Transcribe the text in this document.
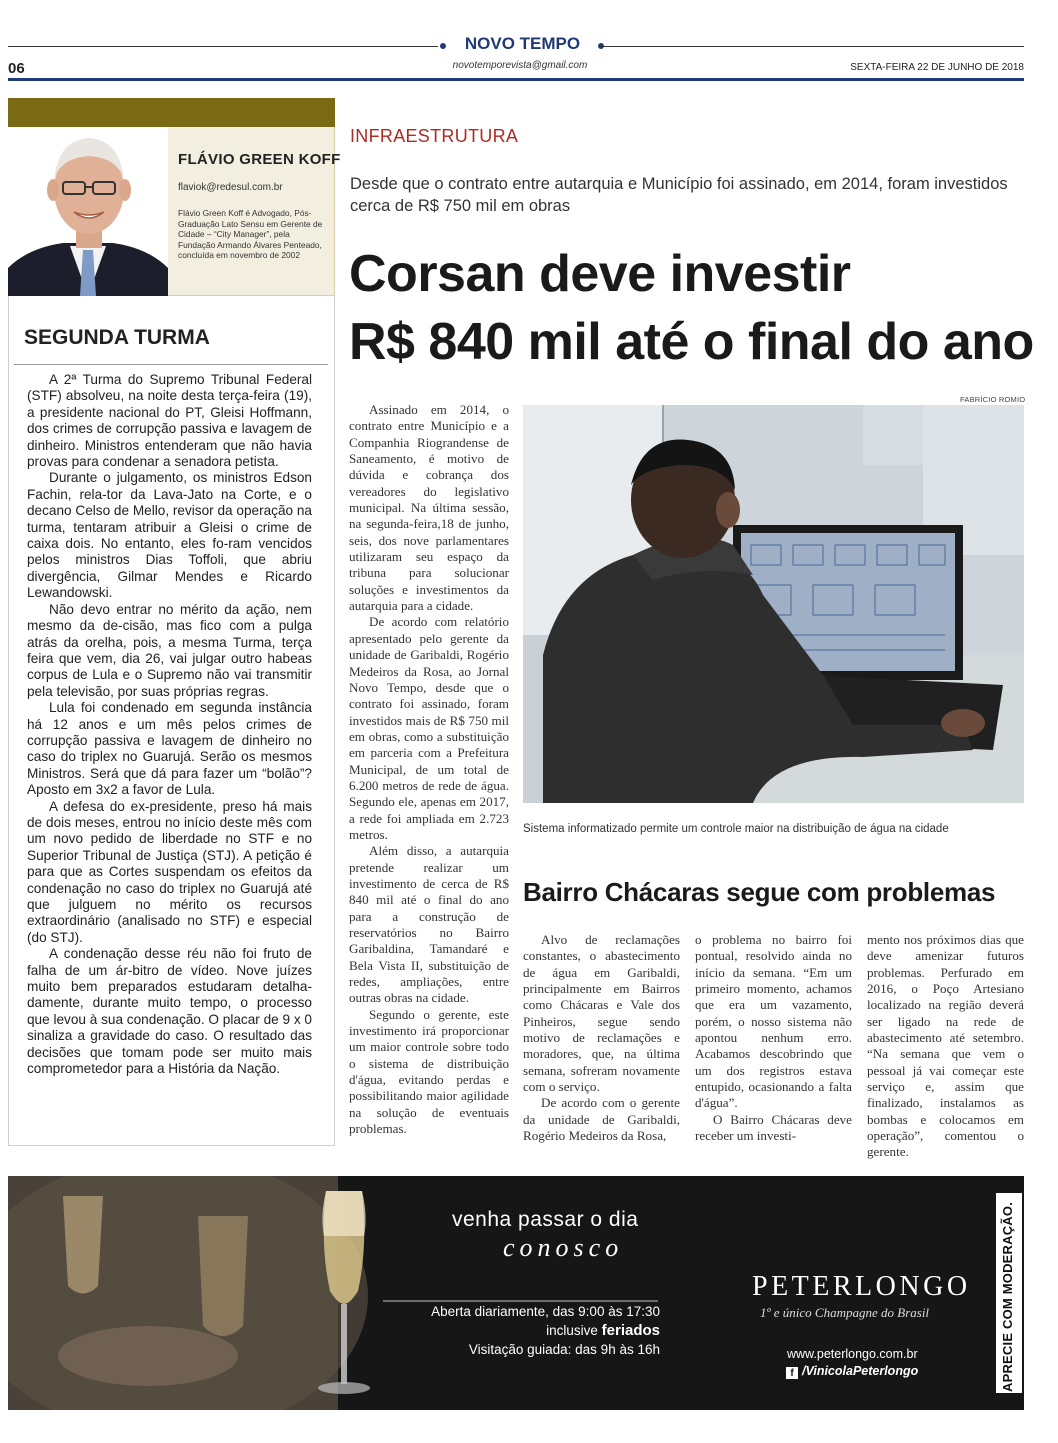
NOVO TEMPO
06	novotemporevista@gmail.com	SEXTA-FEIRA 22 DE JUNHO DE 2018
FLÁVIO GREEN KOFF
flaviok@redesul.com.br
Flávio Green Koff é Advogado, Pós-Graduação Lato Sensu em Gerente de Cidade – “City Manager”, pela Fundação Armando Álvares Penteado, concluída em novembro de 2002
SEGUNDA TURMA

A 2ª Turma do Supremo Tribunal Federal (STF) absolveu, na noite desta terça-feira (19), a presidente nacional do PT, Gleisi Hoffmann, dos crimes de corrupção passiva e lavagem de dinheiro. Ministros entenderam que não havia provas para condenar a senadora petista.

Durante o julgamento, os ministros Edson Fachin, rela-tor da Lava-Jato na Corte, e o decano Celso de Mello, revisor da operação na turma, tentaram atribuir a Gleisi o crime de caixa dois. No entanto, eles fo-ram vencidos pelos ministros Dias Toffoli, que abriu divergência, Gilmar Mendes e Ricardo Lewandowski.

Não devo entrar no mérito da ação, nem mesmo da de-cisão, mas fico com a pulga atrás da orelha, pois, a mesma Turma, terça feira que vem, dia 26, vai julgar outro habeas corpus de Lula e o Supremo não vai transmitir pela televisão, por suas próprias regras.

Lula foi condenado em segunda instância há 12 anos e um mês pelos crimes de corrupção passiva e lavagem de dinheiro no caso do triplex no Guarujá. Serão os mesmos Ministros. Será que dá para fazer um “bolão”? Aposto em 3x2 a favor de Lula.

A defesa do ex-presidente, preso há mais de dois meses, entrou no início deste mês com um novo pedido de liberdade no STF e no Superior Tribunal de Justiça (STJ). A petição é para que as Cortes suspendam os efeitos da condenação no caso do triplex no Guarujá até que julguem no mérito os recursos extraordinário (analisado no STF) e especial (do STJ).

A condenação desse réu não foi fruto de falha de um ár-bitro de vídeo. Nove juízes muito bem preparados estudaram detalha-damente, durante muito tempo, o processo que levou à sua condenação. O placar de 9 x 0 sinaliza a gravidade do caso. O resultado das decisões que tomam pode ser muito mais comprometedor para a História da Nação.

INFRAESTRUTURA
Desde que o contrato entre autarquia e Município foi assinado, em 2014, foram investidos cerca de R$ 750 mil em obras
Corsan deve investir
R$ 840 mil até o final do ano
FABRÍCIO ROMIO

Assinado em 2014, o contrato entre Município e a Companhia Riograndense de Saneamento, é motivo de dúvida e cobrança dos vereadores do legislativo municipal. Na última sessão, na segunda-feira,18 de junho, seis, dos nove parlamentares utilizaram seu espaço da tribuna para solucionar soluções e investimentos da autarquia para a cidade.

De acordo com relatório apresentado pelo gerente da unidade de Garibaldi, Rogério Medeiros da Rosa, ao Jornal Novo Tempo, desde que o contrato foi assinado, foram investidos mais de R$ 750 mil em obras, como a substituição em parceria com a Prefeitura Municipal, de um total de 6.200 metros de rede de água. Segundo ele, apenas em 2017, a rede foi ampliada em 2.723 metros.

Além disso, a autarquia pretende realizar um investimento de cerca de R$ 840 mil até o final do ano para a construção de reservatórios no Bairro Garibaldina, Tamandaré e Bela Vista II, substituição de redes, ampliações, entre outras obras na cidade.

Segundo o gerente, este investimento irá proporcionar um maior controle sobre todo o sistema de distribuição d'água, evitando perdas e possibilitando maior agilidade na solução de eventuais problemas.

Sistema informatizado permite um controle maior na distribuição de água na cidade
Bairro Chácaras segue com problemas

Alvo de reclamações constantes, o abastecimento de água em Garibaldi, principalmente em Bairros como Chácaras e Vale dos Pinheiros, segue sendo motivo de reclamações e moradores, que, na última semana, sofreram novamente com o serviço.

De acordo com o gerente da unidade de Garibaldi, Rogério Medeiros da Rosa,

o problema no bairro foi pontual, resolvido ainda no início da semana. “Em um primeiro momento, achamos que era um vazamento, porém, o nosso sistema não apontou nenhum erro. Acabamos descobrindo que um dos registros estava entupido, ocasionando a falta d'água”.

O Bairro Chácaras deve receber um investi-

mento nos próximos dias que deve amenizar futuros problemas. Perfurado em 2016, o Poço Artesiano localizado na região deverá ser ligado na rede de abastecimento até setembro. “Na semana que vem o pessoal já vai começar este serviço e, assim que finalizado, instalamos as bombas e colocamos em operação”, comentou o gerente.

venha passar o dia
conosco
Aberta diariamente, das 9:00 às 17:30
inclusive feriados
Visitação guiada: das 9h às 16h
PETERLONGO
1º e único Champagne do Brasil
www.peterlongo.com.br
f /VinicolaPeterlongo	APRECIE COM MODERAÇÃO.
